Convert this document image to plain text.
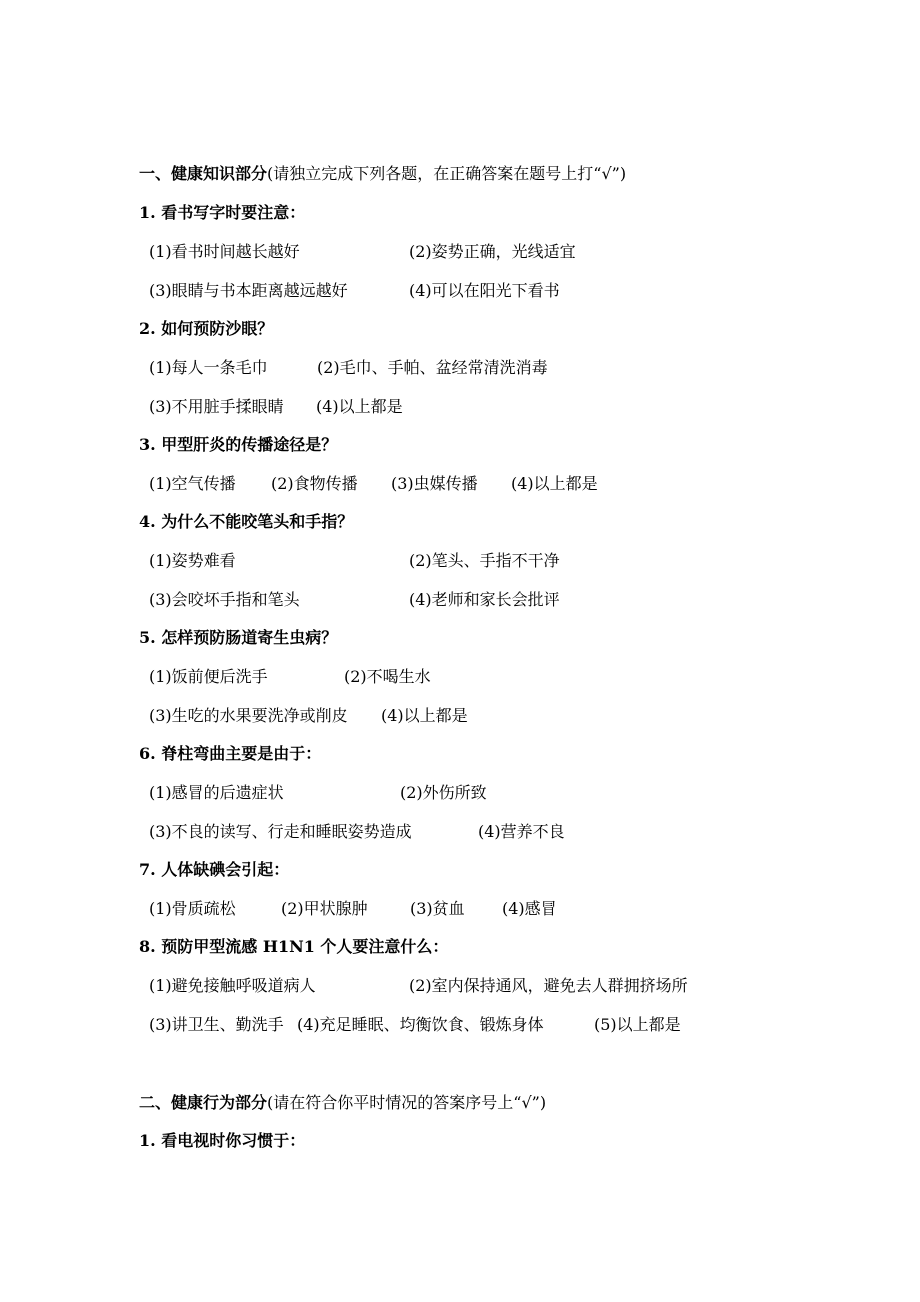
一、健康知识部分(请独立完成下列各题，在正确答案在题号上打“√”)
1. 看书写字时要注意：
(1)看书时间越长越好	(2)姿势正确，光线适宜
(3)眼睛与书本距离越远越好	(4)可以在阳光下看书
2. 如何预防沙眼？
(1)每人一条毛巾	(2)毛巾、手帕、盆经常清洗消毒
(3)不用脏手揉眼睛 (4)以上都是
3. 甲型肝炎的传播途径是？
(1)空气传播 (2)食物传播 (3)虫媒传播 (4)以上都是
4. 为什么不能咬笔头和手指？
(1)姿势难看	(2)笔头、手指不干净
(3)会咬坏手指和笔头	(4)老师和家长会批评
5. 怎样预防肠道寄生虫病？
(1)饭前便后洗手	(2)不喝生水
(3)生吃的水果要洗净或削皮 (4)以上都是
6. 脊柱弯曲主要是由于：
(1)感冒的后遗症状	(2)外伤所致
(3)不良的读写、行走和睡眠姿势造成	(4)营养不良
7. 人体缺碘会引起：
(1)骨质疏松	(2)甲状腺肿	(3)贫血 (4)感冒
8. 预防甲型流感 H1N1 个人要注意什么：
(1)避免接触呼吸道病人	(2)室内保持通风，避免去人群拥挤场所
(3)讲卫生、勤洗手 (4)充足睡眠、均衡饮食、锻炼身体	(5)以上都是
二、健康行为部分(请在符合你平时情况的答案序号上“√”)
1. 看电视时你习惯于：
